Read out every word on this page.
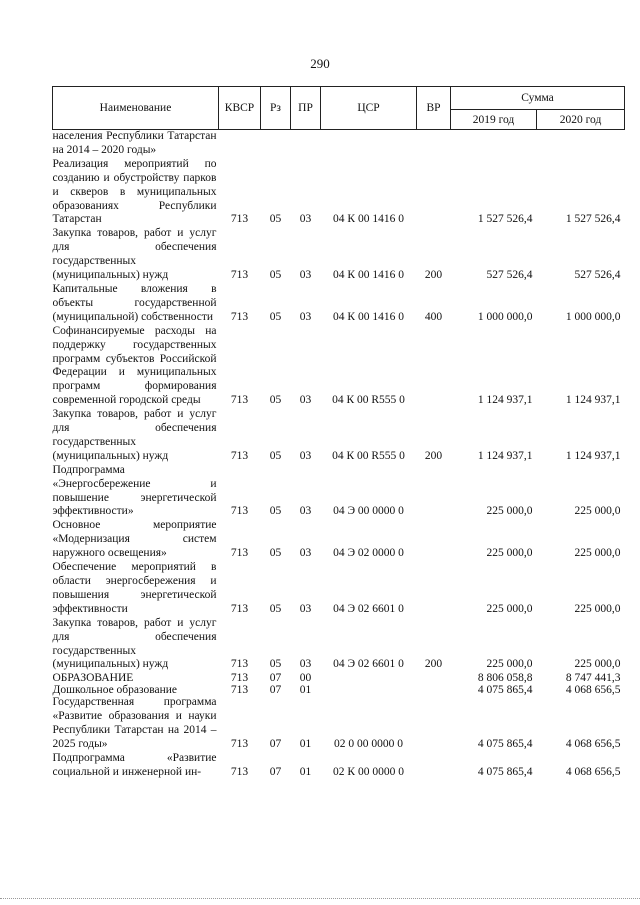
290
Наименование	КВСР	Рз	ПР	ЦСР	ВР	Сумма	
						2019 год	2020 год
населения Республики Татарстан на 2014 – 2020 годы»							
Реализация мероприятий по созданию и обустройству парков и скверов в муниципальных образованиях Республики Татарстан	713	05	03	04 К 00 1416 0		1 527 526,4	1 527 526,4
Закупка товаров, работ и услуг для обеспечения государственных (муниципальных) нужд	713	05	03	04 К 00 1416 0	200	527 526,4	527 526,4
Капитальные вложения в объекты государственной (муниципальной) собственности	713	05	03	04 К 00 1416 0	400	1 000 000,0	1 000 000,0
Софинансируемые расходы на поддержку государственных программ субъектов Российской Федерации и муниципальных программ формирования современной городской среды	713	05	03	04 К 00 R555 0		1 124 937,1	1 124 937,1
Закупка товаров, работ и услуг для обеспечения государственных (муниципальных) нужд	713	05	03	04 К 00 R555 0	200	1 124 937,1	1 124 937,1
Подпрограмма «Энергосбережение и повышение энергетической эффективности»	713	05	03	04 Э 00 0000 0		225 000,0	225 000,0
Основное мероприятие «Модернизация систем наружного освещения»	713	05	03	04 Э 02 0000 0		225 000,0	225 000,0
Обеспечение мероприятий в области энергосбережения и повышения энергетической эффективности	713	05	03	04 Э 02 6601 0		225 000,0	225 000,0
Закупка товаров, работ и услуг для обеспечения государственных (муниципальных) нужд	713	05	03	04 Э 02 6601 0	200	225 000,0	225 000,0
ОБРАЗОВАНИЕ	713	07	00			8 806 058,8	8 747 441,3
Дошкольное образование	713	07	01			4 075 865,4	4 068 656,5
Государственная программа «Развитие образования и науки Республики Татарстан на 2014 – 2025 годы»	713	07	01	02 0 00 0000 0		4 075 865,4	4 068 656,5
Подпрограмма «Развитие социальной и инженерной ин-	713	07	01	02 К 00 0000 0		4 075 865,4	4 068 656,5
